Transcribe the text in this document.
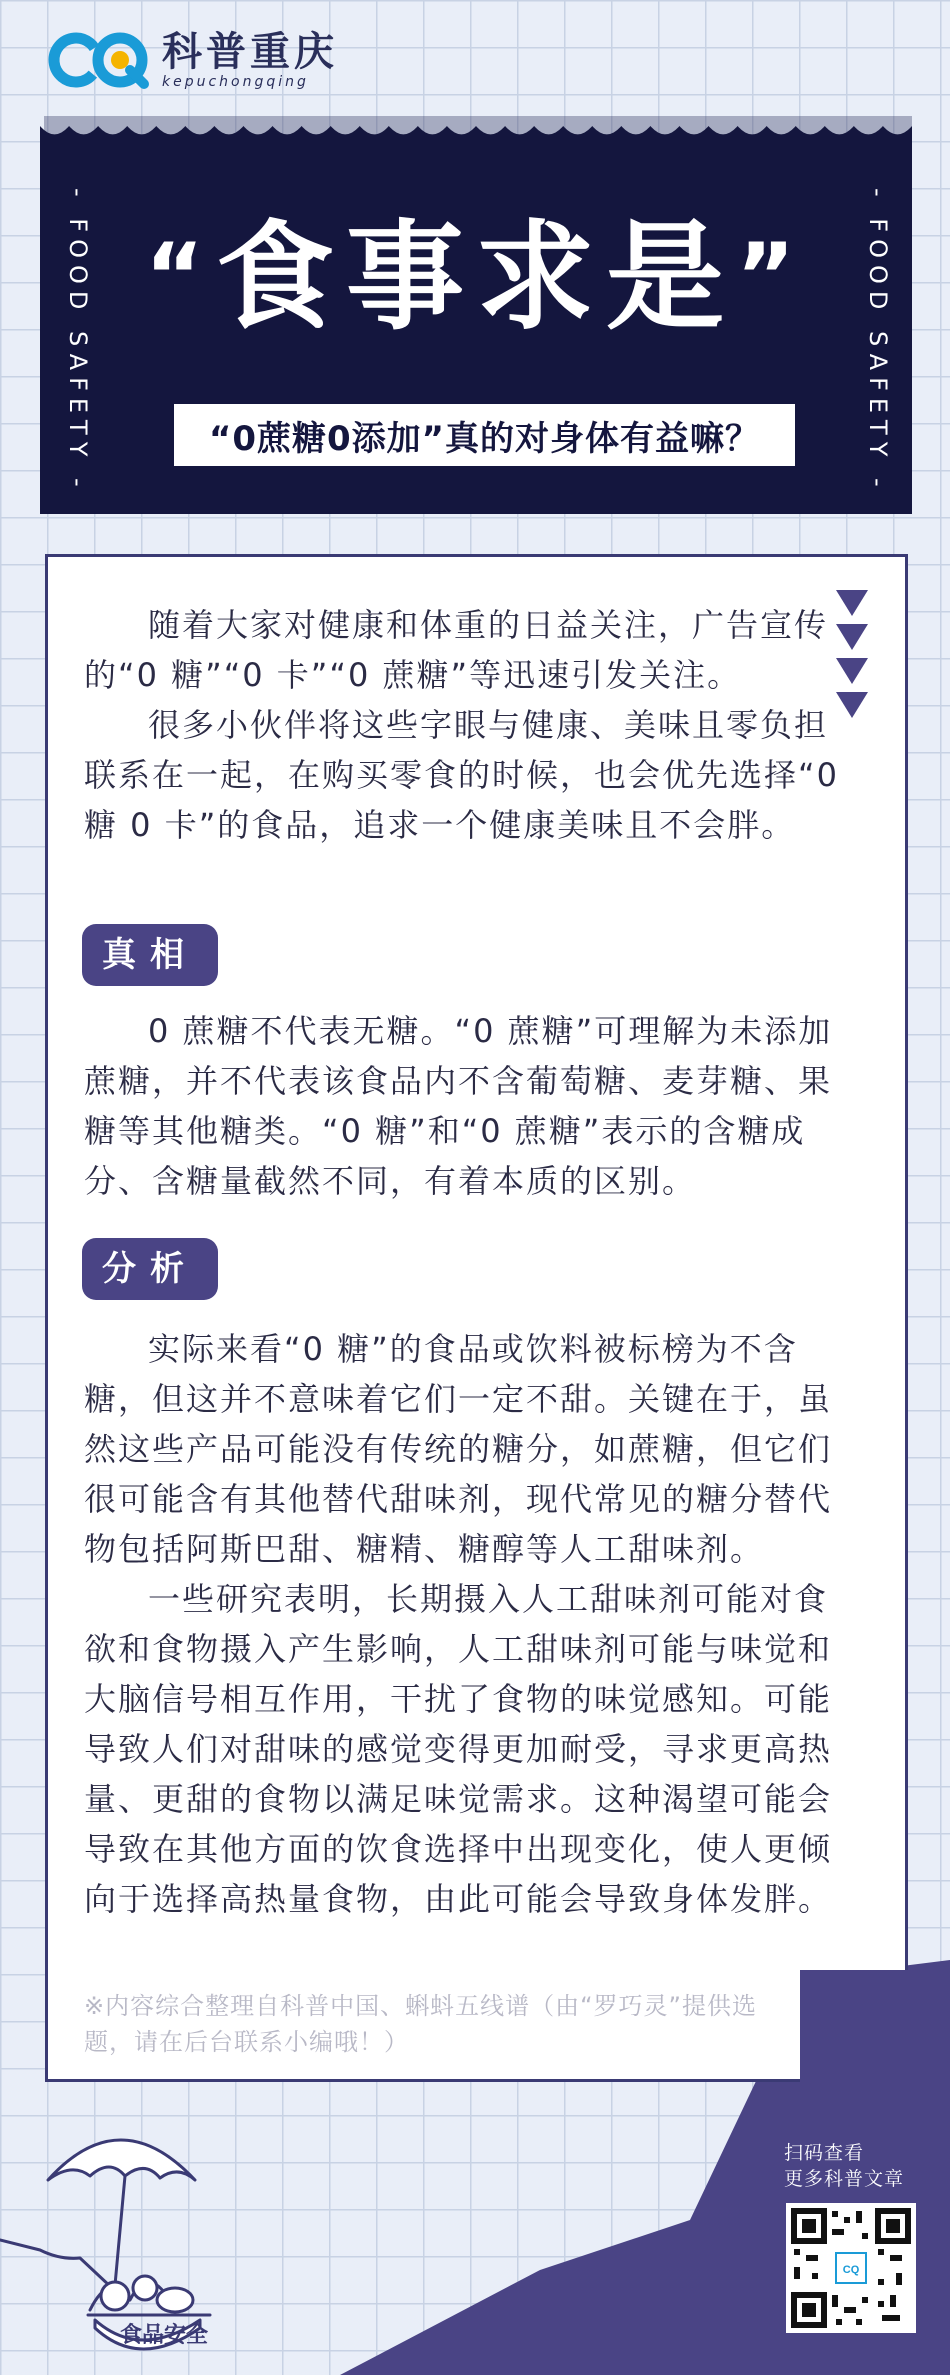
科普重庆
kepuchongqing
- FOOD SAFETY - “食事求是”
“0蔗糖0添加”真的对身体有益嘛？

随着大家对健康和体重的日益关注，广告宣传的“0 糖”“0 卡”“0 蔗糖”等迅速引发关注。

很多小伙伴将这些字眼与健康、美味且零负担联系在一起，在购买零食的时候，也会优先选择“0 糖 0 卡”的食品，追求一个健康美味且不会胖。

真相

0 蔗糖不代表无糖。“0 蔗糖”可理解为未添加蔗糖，并不代表该食品内不含葡萄糖、麦芽糖、果糖等其他糖类。“0 糖”和“0 蔗糖”表示的含糖成分、含糖量截然不同，有着本质的区别。

分析

实际来看“0 糖”的食品或饮料被标榜为不含糖，但这并不意味着它们一定不甜。关键在于，虽然这些产品可能没有传统的糖分，如蔗糖，但它们很可能含有其他替代甜味剂，现代常见的糖分替代物包括阿斯巴甜、糖精、糖醇等人工甜味剂。

一些研究表明，长期摄入人工甜味剂可能对食欲和食物摄入产生影响，人工甜味剂可能与味觉和大脑信号相互作用，干扰了食物的味觉感知。可能导致人们对甜味的感觉变得更加耐受，寻求更高热量、更甜的食物以满足味觉需求。这种渴望可能会导致在其他方面的饮食选择中出现变化，使人更倾向于选择高热量食物，由此可能会导致身体发胖。

※内容综合整理自科普中国、蝌蚪五线谱（由“罗巧灵”提供选题，请在后台联系小编哦！）

扫码查看
更多科普文章
CQ
食品安全
